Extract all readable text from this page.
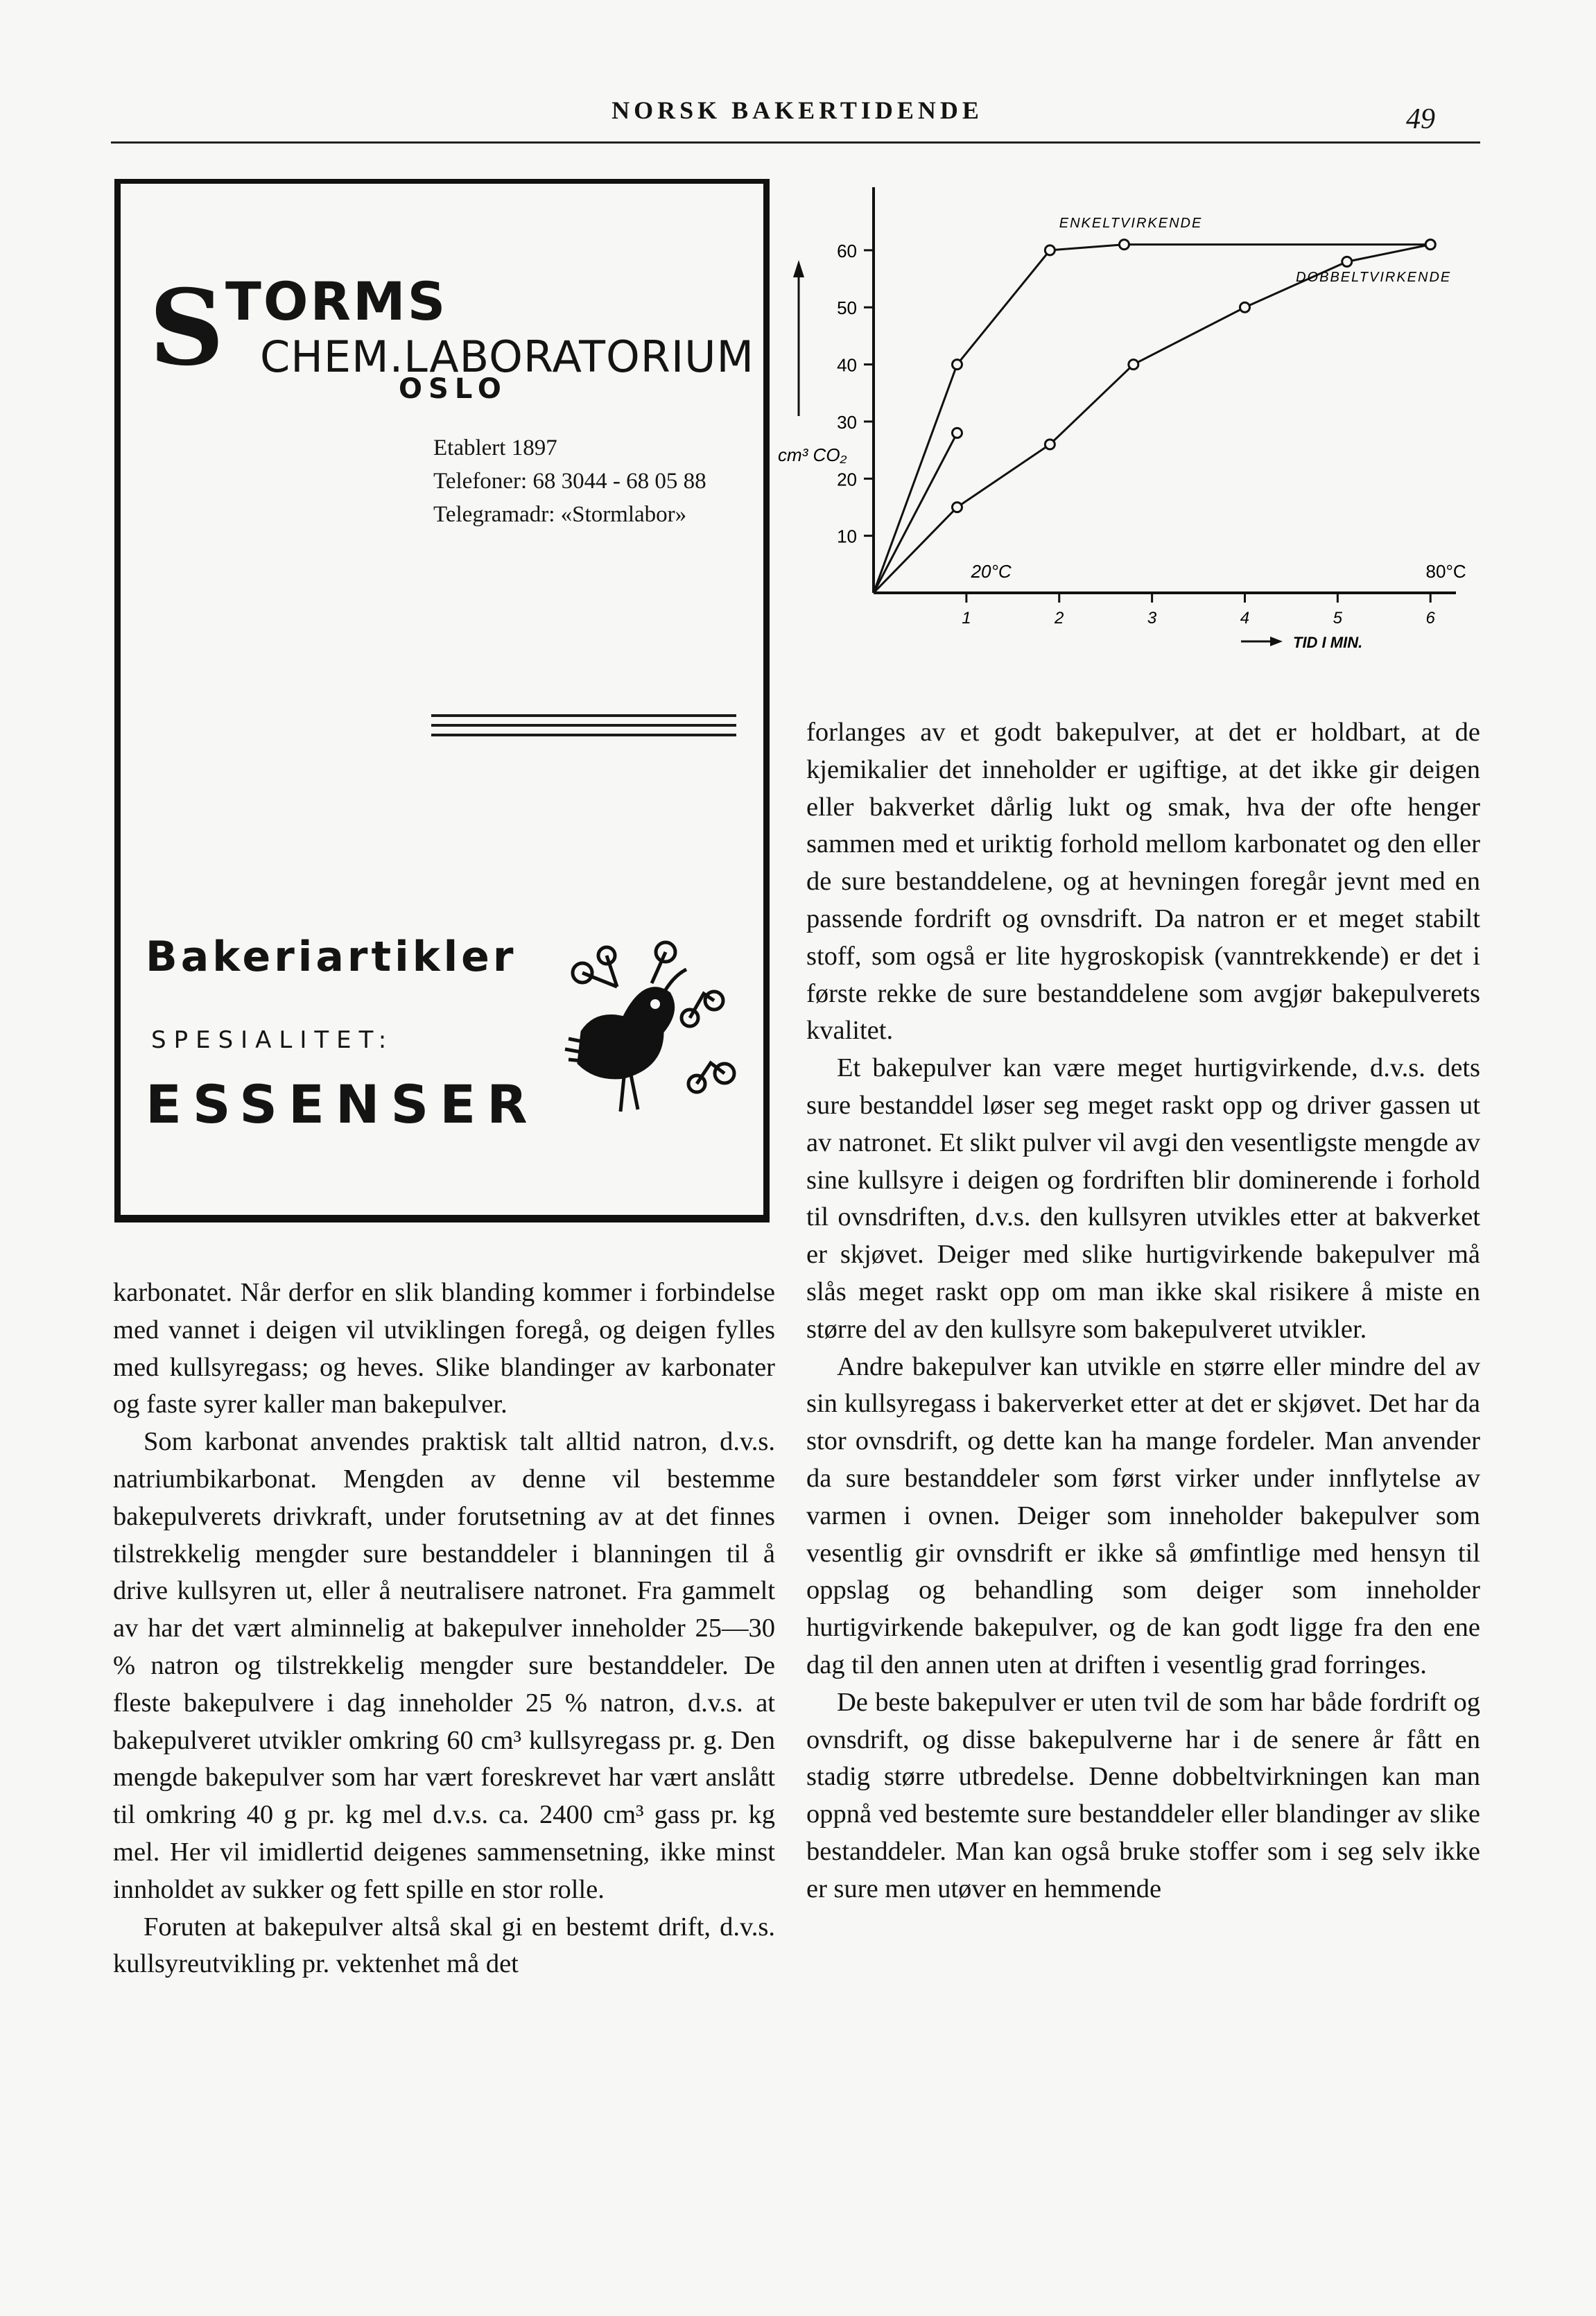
NORSK BAKERTIDENDE	49
S TORMS
CHEM.LABORATORIUM
OSLO
Etablert 1897
Telefoner: 68 3044 - 68 05 88
Telegramadr: «Stormlabor»
Bakeriartikler
SPESIALITET:
ESSENSER
10
20
30
40
50
60
1	2	3	4	5	6
cm³ CO₂
TID I MIN.
20°C	80°C
ENKELTVIRKENDE
DOBBELTVIRKENDE

karbonatet. Når derfor en slik blanding kommer i forbindelse med vannet i deigen vil utviklingen foregå, og deigen fylles med kullsyregass; og heves. Slike blandinger av karbonater og faste syrer kaller man bakepulver.

Som karbonat anvendes praktisk talt alltid natron, d.v.s. natriumbikarbonat. Mengden av denne vil bestemme bakepulverets drivkraft, under forutsetning av at det finnes tilstrekkelig mengder sure bestanddeler i blanningen til å drive kullsyren ut, eller å neutralisere natronet. Fra gammelt av har det vært alminnelig at bakepulver inneholder 25—30 % natron og tilstrekkelig mengder sure bestanddeler. De fleste bakepulvere i dag inneholder 25 % natron, d.v.s. at bakepulveret utvikler omkring 60 cm³ kullsyregass pr. g. Den mengde bakepulver som har vært foreskrevet har vært anslått til omkring 40 g pr. kg mel d.v.s. ca. 2400 cm³ gass pr. kg mel. Her vil imidlertid deigenes sammensetning, ikke minst innholdet av sukker og fett spille en stor rolle.

Foruten at bakepulver altså skal gi en bestemt drift, d.v.s. kullsyreutvikling pr. vektenhet må det

forlanges av et godt bakepulver, at det er holdbart, at de kjemikalier det inneholder er ugiftige, at det ikke gir deigen eller bakverket dårlig lukt og smak, hva der ofte henger sammen med et uriktig forhold mellom karbonatet og den eller de sure bestanddelene, og at hevningen foregår jevnt med en passende fordrift og ovnsdrift. Da natron er et meget stabilt stoff, som også er lite hygroskopisk (vanntrekkende) er det i første rekke de sure bestanddelene som avgjør bakepulverets kvalitet.

Et bakepulver kan være meget hurtigvirkende, d.v.s. dets sure bestanddel løser seg meget raskt opp og driver gassen ut av natronet. Et slikt pulver vil avgi den vesentligste mengde av sine kullsyre i deigen og fordriften blir dominerende i forhold til ovnsdriften, d.v.s. den kullsyren utvikles etter at bakverket er skjøvet. Deiger med slike hurtigvirkende bakepulver må slås meget raskt opp om man ikke skal risikere å miste en større del av den kullsyre som bakepulveret utvikler.

Andre bakepulver kan utvikle en større eller mindre del av sin kullsyregass i bakerverket etter at det er skjøvet. Det har da stor ovnsdrift, og dette kan ha mange fordeler. Man anvender da sure bestanddeler som først virker under innflytelse av varmen i ovnen. Deiger som inneholder bakepulver som vesentlig gir ovnsdrift er ikke så ømfintlige med hensyn til oppslag og behandling som deiger som inneholder hurtigvirkende bakepulver, og de kan godt ligge fra den ene dag til den annen uten at driften i vesentlig grad forringes.

De beste bakepulver er uten tvil de som har både fordrift og ovnsdrift, og disse bakepulverne har i de senere år fått en stadig større utbredelse. Denne dobbeltvirkningen kan man oppnå ved bestemte sure bestanddeler eller blandinger av slike bestanddeler. Man kan også bruke stoffer som i seg selv ikke er sure men utøver en hemmende
